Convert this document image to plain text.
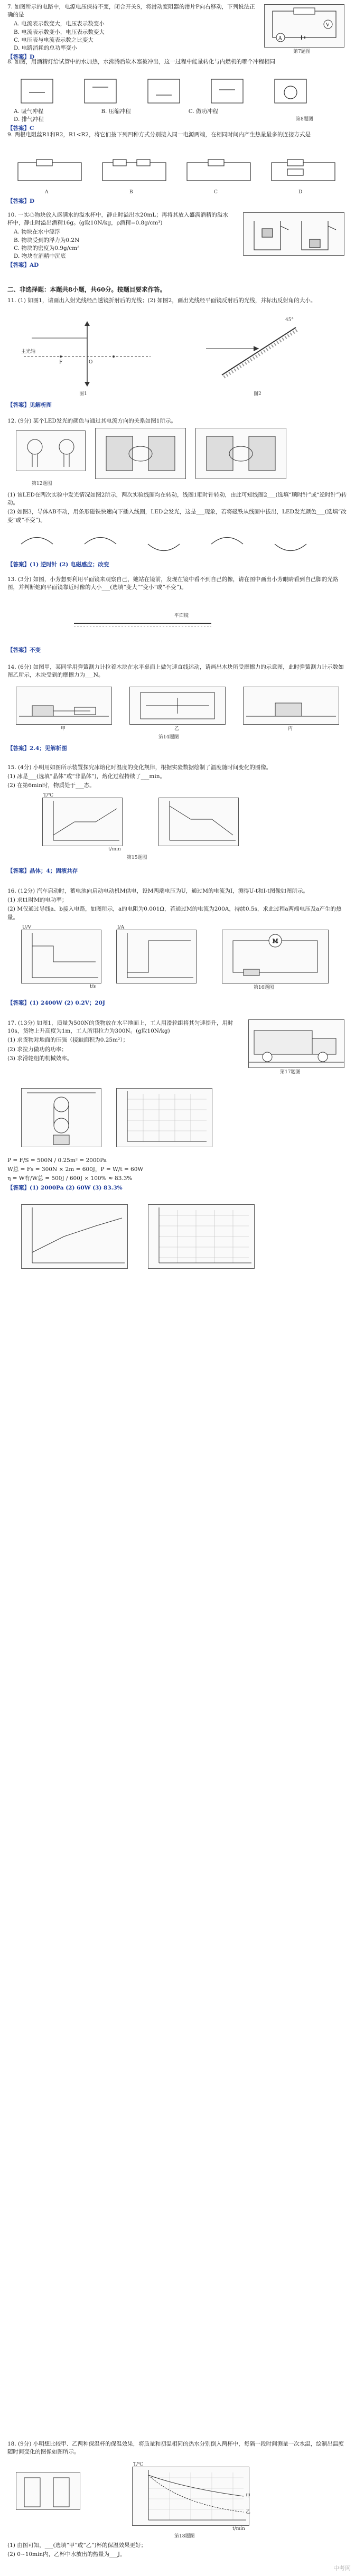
7. 如图所示的电路中，电源电压保持不变，闭合开关S，将滑动变阻器的滑片P向右移动，下列说法正确的是
A. 电流表示数变大，电压表示数变小
B. 电流表示数变小，电压表示数变大
C. 电压表与电流表示数之比变大
D. 电路消耗的总功率变小
【答案】D
A
V
第7题图
8. 如图，用酒精灯给试管中的水加热，水沸腾后软木塞被冲出，这一过程中能量转化与内燃机的哪个冲程相同
A. 吸气冲程	B. 压缩冲程	C. 做功冲程 D. 排气冲程
【答案】C
第8题图
9. 两根电阻丝R1和R2，R1<R2，将它们按下列四种方式分别接入同一电源两端，在相同时间内产生热量最多的连接方式是
A	B	C	D
【答案】D
10. 一实心物块放入盛满水的溢水杯中，静止时溢出水20mL；再将其放入盛满酒精的溢水杯中，静止时溢出酒精16g。(g取10N/kg，ρ酒精=0.8g/cm³)
A. 物块在水中漂浮
B. 物块受到的浮力为0.2N
C. 物块的密度为0.9g/cm³
D. 物块在酒精中沉底
【答案】AD
二、非选择题：本题共8小题，共60分。按题目要求作答。
11. (1) 如图1，请画出入射光线经凸透镜折射后的光线；(2) 如图2，画出光线经平面镜反射后的光线，并标出反射角的大小。
主光轴
F	O
图1
45°
图2
【答案】见解析图
12. (9分) 某个LED发光的颜色与通过其电流方向的关系如图1所示。
第12题图
(1) 该LED在两次实验中发光情况如图2所示，两次实验线圈均在转动，线圈1顺时针转动，由此可知线圈2___(选填“顺时针”或“逆时针”)转动。
(2) 如图3，导体AB不动，用条形磁铁快速向下插入线圈，LED会发光，这是___现象，若将磁铁从线圈中拔出，LED发光颜色___(选填“改变”或“不变”)。
【答案】(1) 逆时针 (2) 电磁感应；改变
13. (3分) 如图，小芳想要利用平面镜来观察自己，她站在镜前，发现在镜中看不到自己的像，请在图中画出小芳眼睛看到自己脚的光路图，并判断她向平面镜靠近时像的大小___(选填“变大”“变小”或“不变”)。
平面镜
【答案】不变
14. (6分) 如图甲，某同学用弹簧测力计拉着木块在水平桌面上做匀速直线运动，请画出木块所受摩擦力的示意图，此时弹簧测力计示数如图乙所示，木块受到的摩擦力为___N。
甲	乙	丙
第14题图
【答案】2.4；见解析图
15. (4分) 小明用如图所示装置探究冰熔化时温度的变化规律，根据实验数据绘制了温度随时间变化的图像。
(1) 冰是___(选填“晶体”或“非晶体”)，熔化过程持续了___min。
(2) 在第6min时，物质处于___态。
t/min
T/℃
第15题图
【答案】晶体；4；固液共存
16. (12分) 汽车启动时，蓄电池向启动电动机M供电，设M两端电压为U，通过M的电流为I，测得U-t和I-t图像如图所示。
(1) 求t1时M的电功率；
(2) M仅通过导线a、b接入电路，如图所示，a的电阻为0.001Ω，若通过M的电流为200A，持续0.5s，求此过程a两端电压及a产生的热量。
M
U/V	I/A
t/s	第16题图
【答案】(1) 2400W (2) 0.2V；20J
17. (13分) 如图1，质量为500N的货物放在水平地面上，工人用滑轮组将其匀速提升，用时10s，货物上升高度为1m，工人所用拉力为300N。(g取10N/kg)
(1) 求货物对地面的压强（接触面积为0.25m²）；
(2) 求拉力做功的功率；
(3) 求滑轮组的机械效率。
第17题图
P = F/S = 500N / 0.25m² = 2000Pa
W总 = Fs = 300N × 2m = 600J，P = W/t = 60W
η = W有/W总 = 500J / 600J × 100% ≈ 83.3%
【答案】(1) 2000Pa (2) 60W (3) 83.3%
18. (9分) 小明想比较甲、乙两种保温杯的保温效果，将质量和初温相同的热水分别倒入两杯中，每隔一段时间测量一次水温，绘制出温度随时间变化的图像如图所示。
T/℃
t/min
甲
乙
第18题图
(1) 由图可知，___(选填“甲”或“乙”)杯的保温效果更好；
(2) 0~10min内，乙杯中水放出的热量为___J。
中考网
